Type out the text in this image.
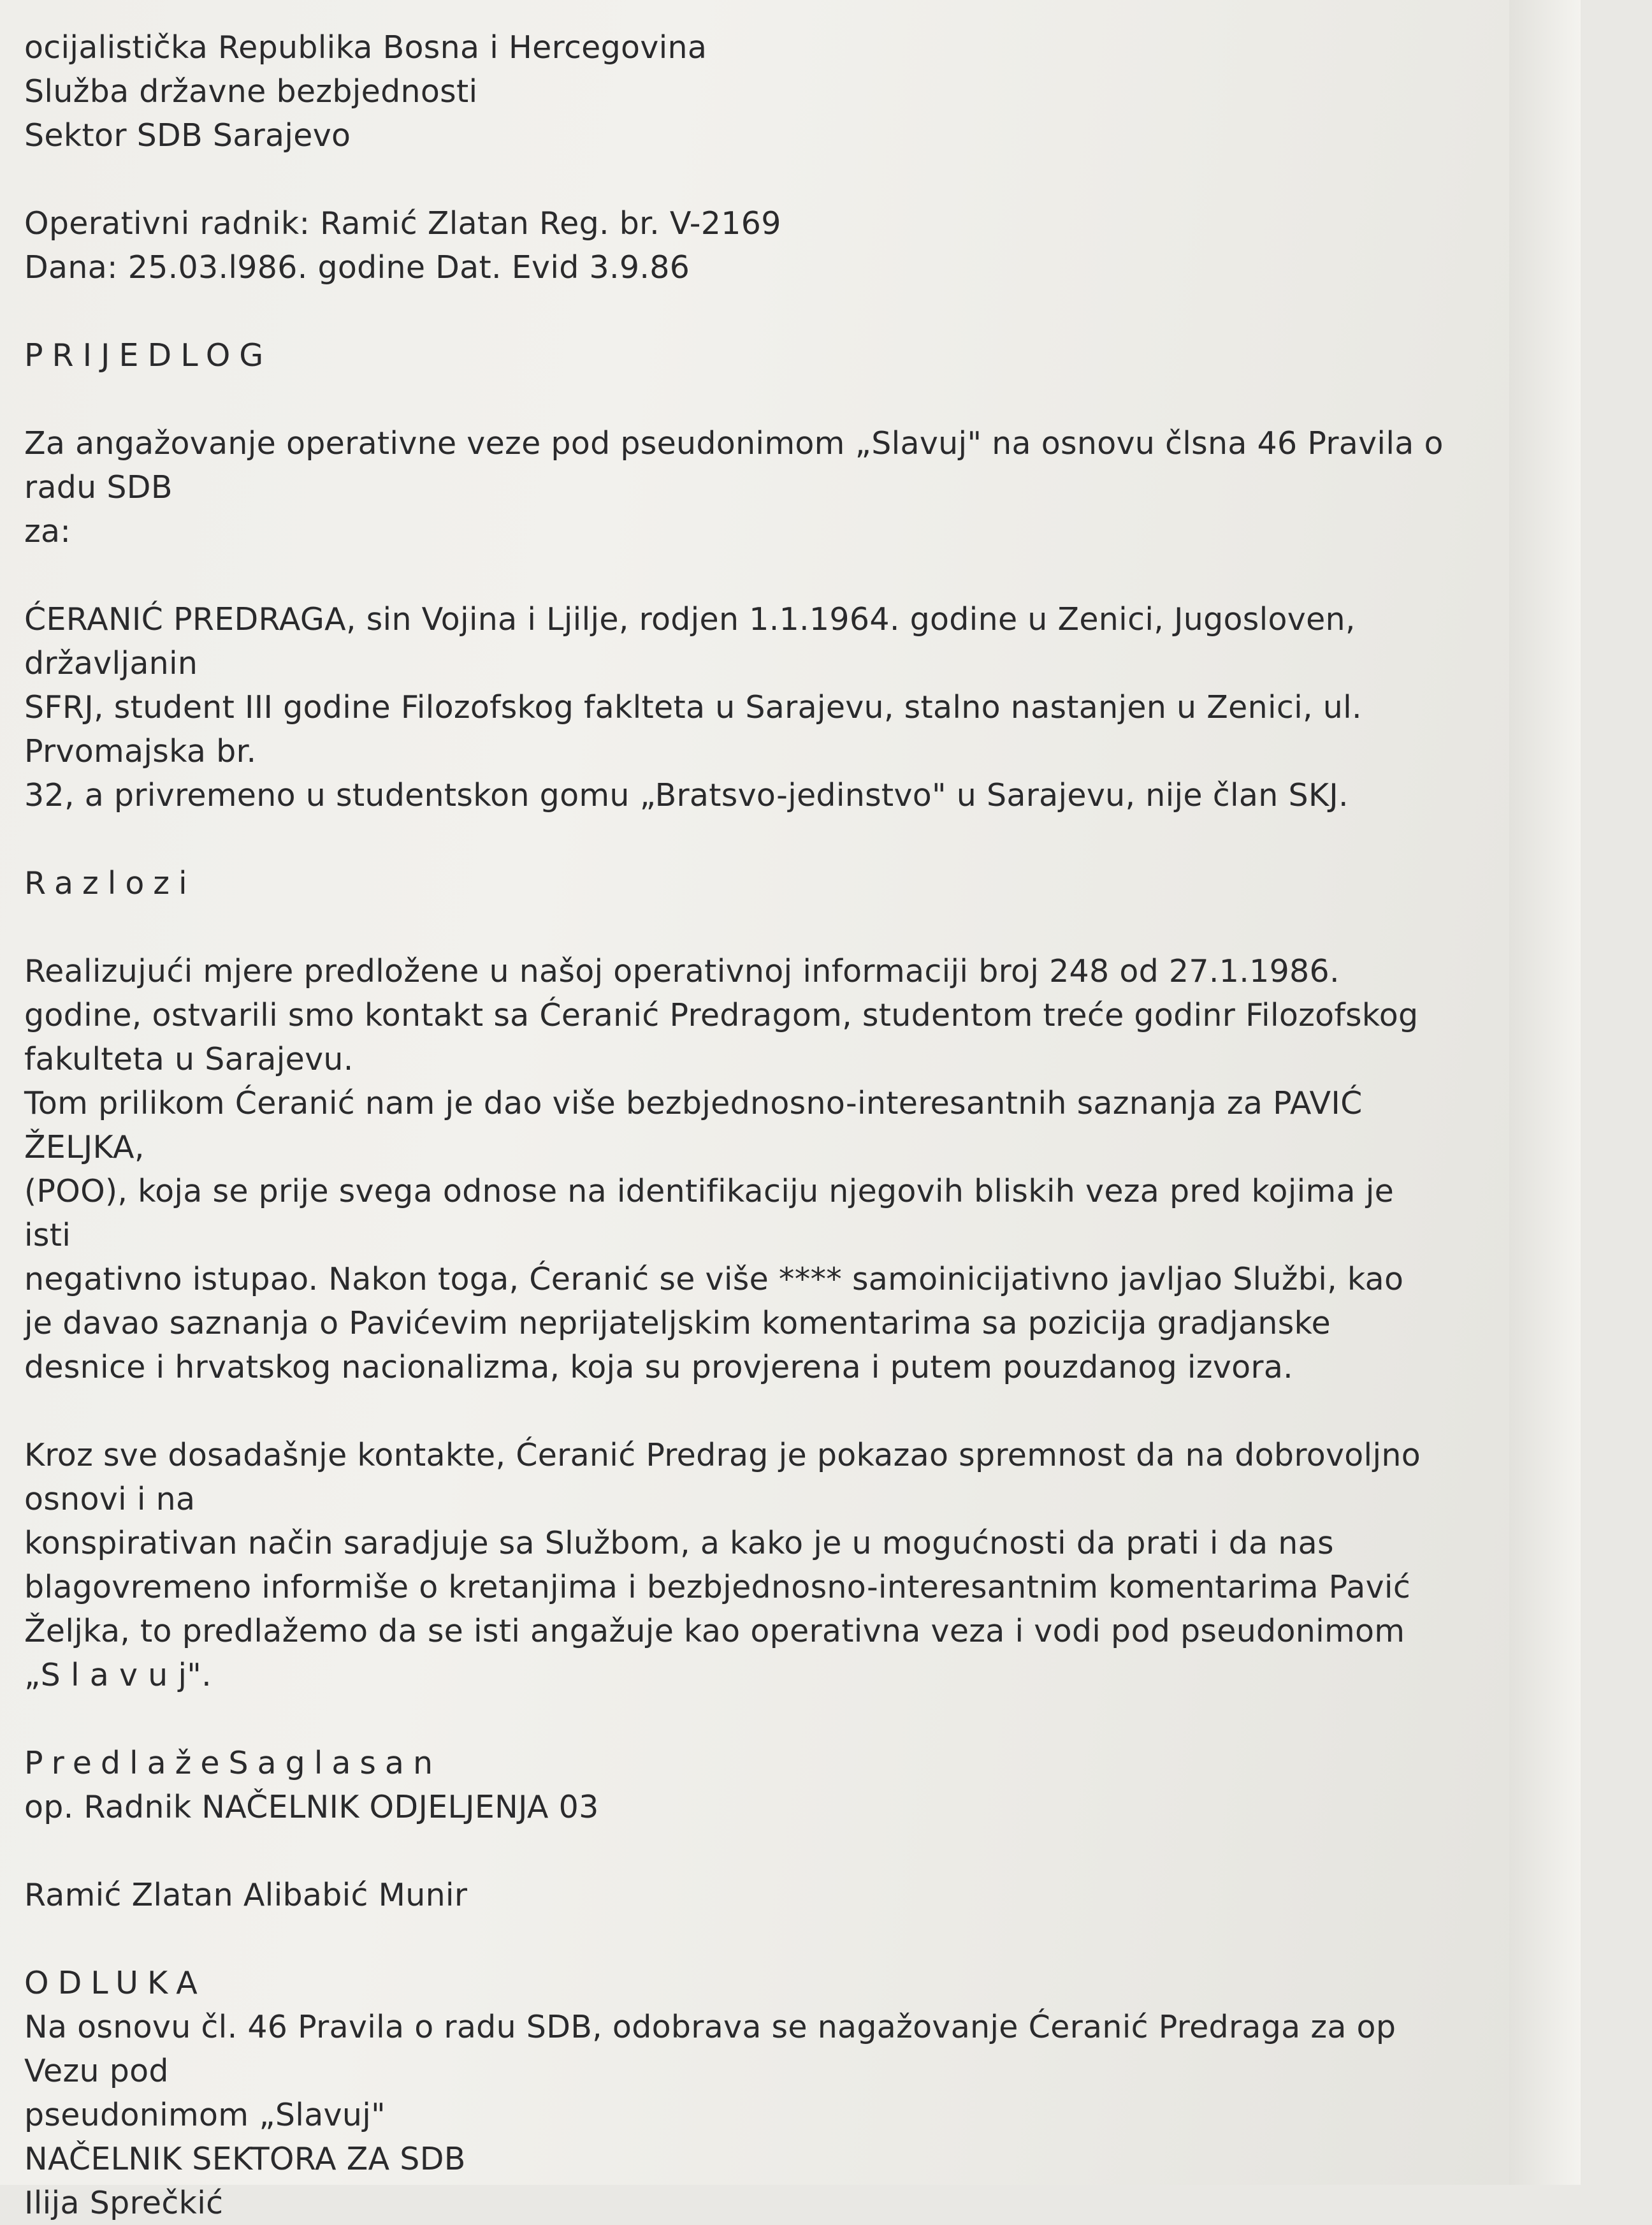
ocijalistička Republika Bosna i Hercegovina
Služba državne bezbjednosti
Sektor SDB Sarajevo
Operativni radnik: Ramić Zlatan Reg. br. V-2169
Dana: 25.03.l986. godine Dat. Evid 3.9.86
PRIJEDLOG
Za angažovanje operativne veze pod pseudonimom „Slavuj" na osnovu člsna 46 Pravila o
radu SDB
za:
ĆERANIĆ PREDRAGA, sin Vojina i Ljilje, rodjen 1.1.1964. godine u Zenici, Jugosloven,
državljanin
SFRJ, student III godine Filozofskog faklteta u Sarajevu, stalno nastanjen u Zenici, ul.
Prvomajska br.
32, a privremeno u studentskon gomu „Bratsvo-jedinstvo" u Sarajevu, nije član SKJ.
Razlozi
Realizujući mjere predložene u našoj operativnoj informaciji broj 248 od 27.1.1986.
godine, ostvarili smo kontakt sa Ćeranić Predragom, studentom treće godinr Filozofskog
fakulteta u Sarajevu.
Tom prilikom Ćeranić nam je dao više bezbjednosno-interesantnih saznanja za PAVIĆ
ŽELJKA,
(POO), koja se prije svega odnose na identifikaciju njegovih bliskih veza pred kojima je
isti
negativno istupao. Nakon toga, Ćeranić se više **** samoinicijativno javljao Službi, kao
je davao saznanja o Pavićevim neprijateljskim komentarima sa pozicija gradjanske
desnice i hrvatskog nacionalizma, koja su provjerena i putem pouzdanog izvora.
Kroz sve dosadašnje kontakte, Ćeranić Predrag je pokazao spremnost da na dobrovoljno
osnovi i na
konspirativan način saradjuje sa Službom, a kako je u mogućnosti da prati i da nas
blagovremeno informiše o kretanjima i bezbjednosno-interesantnim komentarima Pavić
Željka, to predlažemo da se isti angažuje kao operativna veza i vodi pod pseudonimom
„S l a v u j".
PredlažeSaglasan
op. Radnik NAČELNIK ODJELJENJA 03
Ramić Zlatan Alibabić Munir
ODLUKA
Na osnovu čl. 46 Pravila o radu SDB, odobrava se nagažovanje Ćeranić Predraga za op
Vezu pod
pseudonimom „Slavuj"
NAČELNIK SEKTORA ZA SDB
Ilija Sprečkić
